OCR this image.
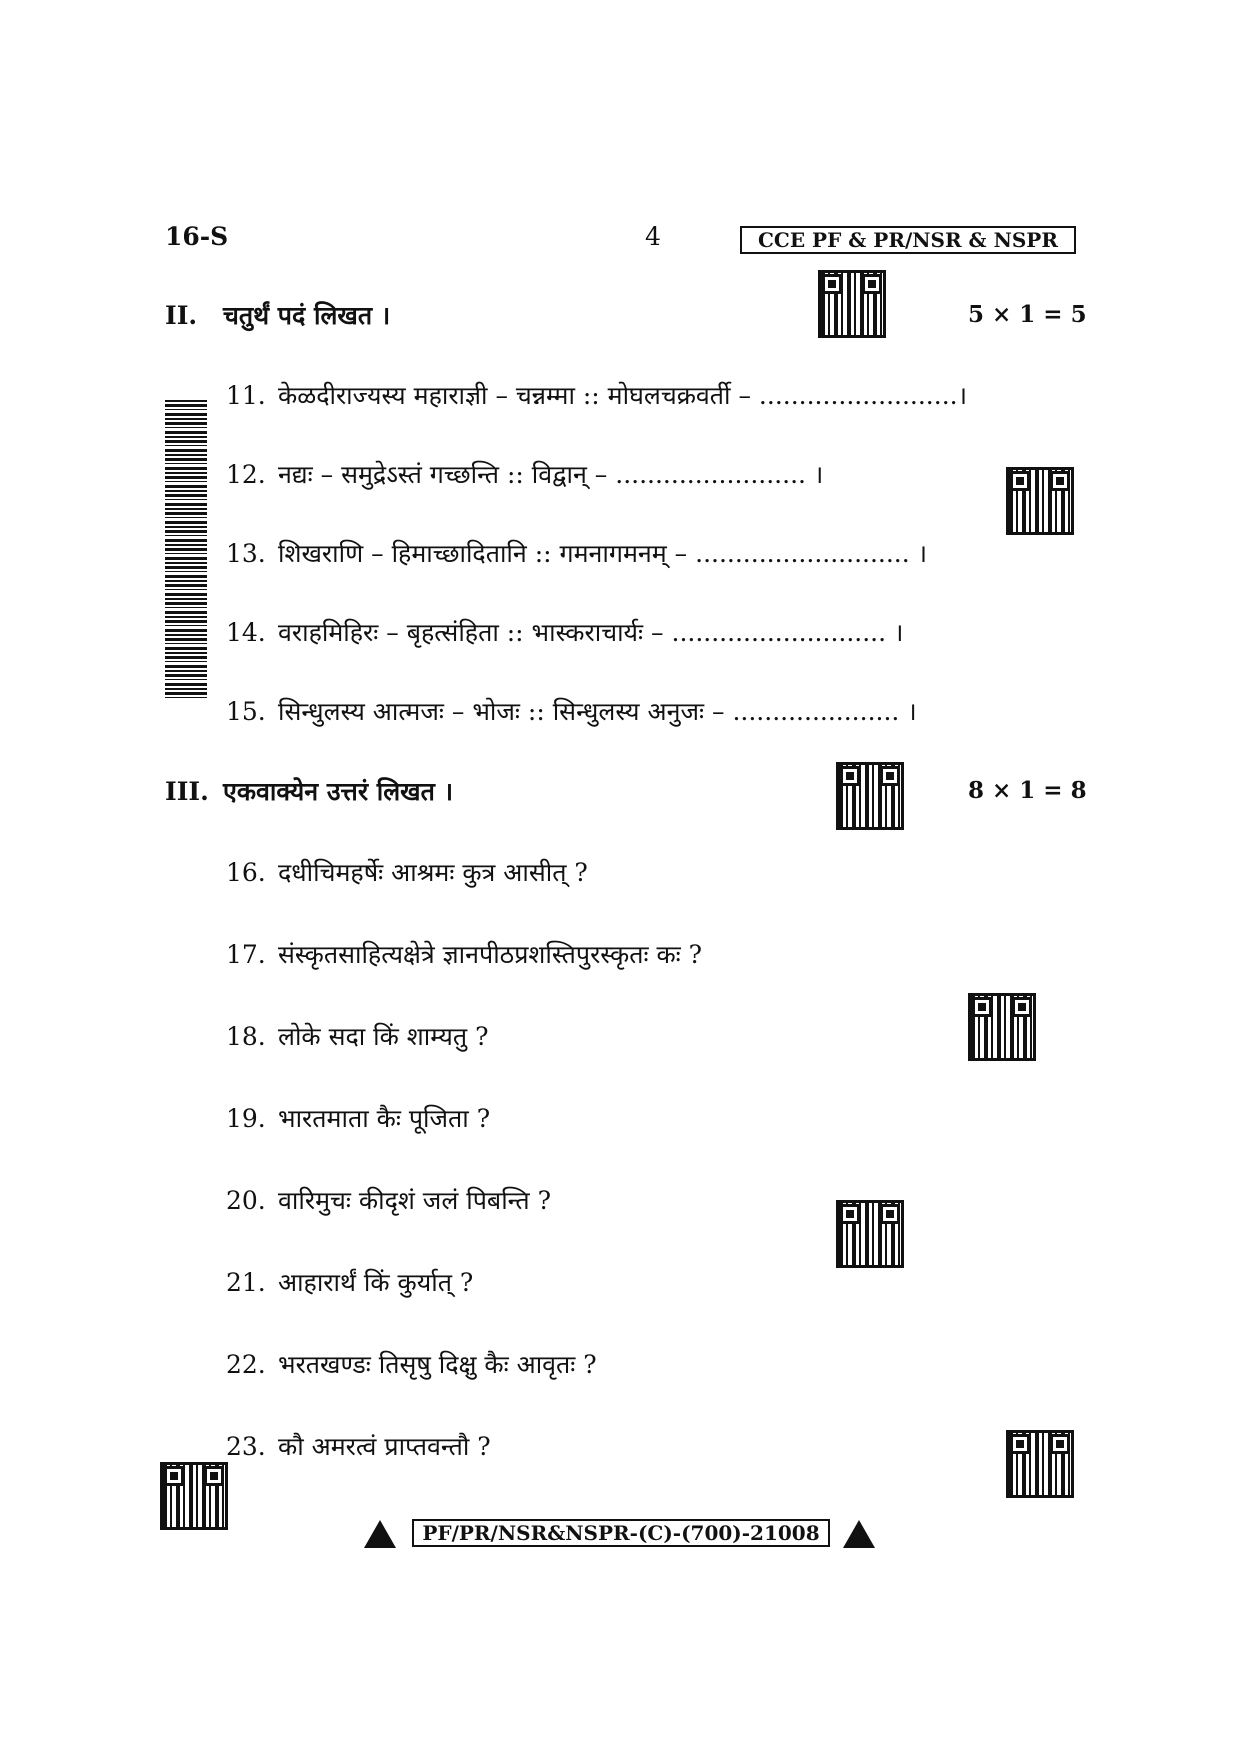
16-S	4	CCE PF & PR/NSR & NSPR
II. चतुर्थं पदं लिखत ।	5 × 1 = 5
11. केळदीराज्यस्य महाराज्ञी – चन्नम्मा :: मोघलचक्रवर्ती – .........................।
12. नद्यः – समुद्रेऽस्तं गच्छन्ति :: विद्वान् – ........................ ।
13. शिखराणि – हिमाच्छादितानि :: गमनागमनम् – ........................... ।
14. वराहमिहिरः – बृहत्संहिता :: भास्कराचार्यः – ........................... ।
15. सिन्धुलस्य आत्मजः – भोजः :: सिन्धुलस्य अनुजः – ..................... ।
III. एकवाक्येन उत्तरं लिखत ।	8 × 1 = 8
16. दधीचिमहर्षेः आश्रमः कुत्र आसीत् ?
17. संस्कृतसाहित्यक्षेत्रे ज्ञानपीठप्रशस्तिपुरस्कृतः कः ?
18. लोके सदा किं शाम्यतु ?
19. भारतमाता कैः पूजिता ?
20. वारिमुचः कीदृशं जलं पिबन्ति ?
21. आहारार्थं किं कुर्यात् ?
22. भरतखण्डः तिसृषु दिक्षु कैः आवृतः ?
23. कौ अमरत्वं प्राप्तवन्तौ ?
PF/PR/NSR&NSPR-(C)-(700)-21008
